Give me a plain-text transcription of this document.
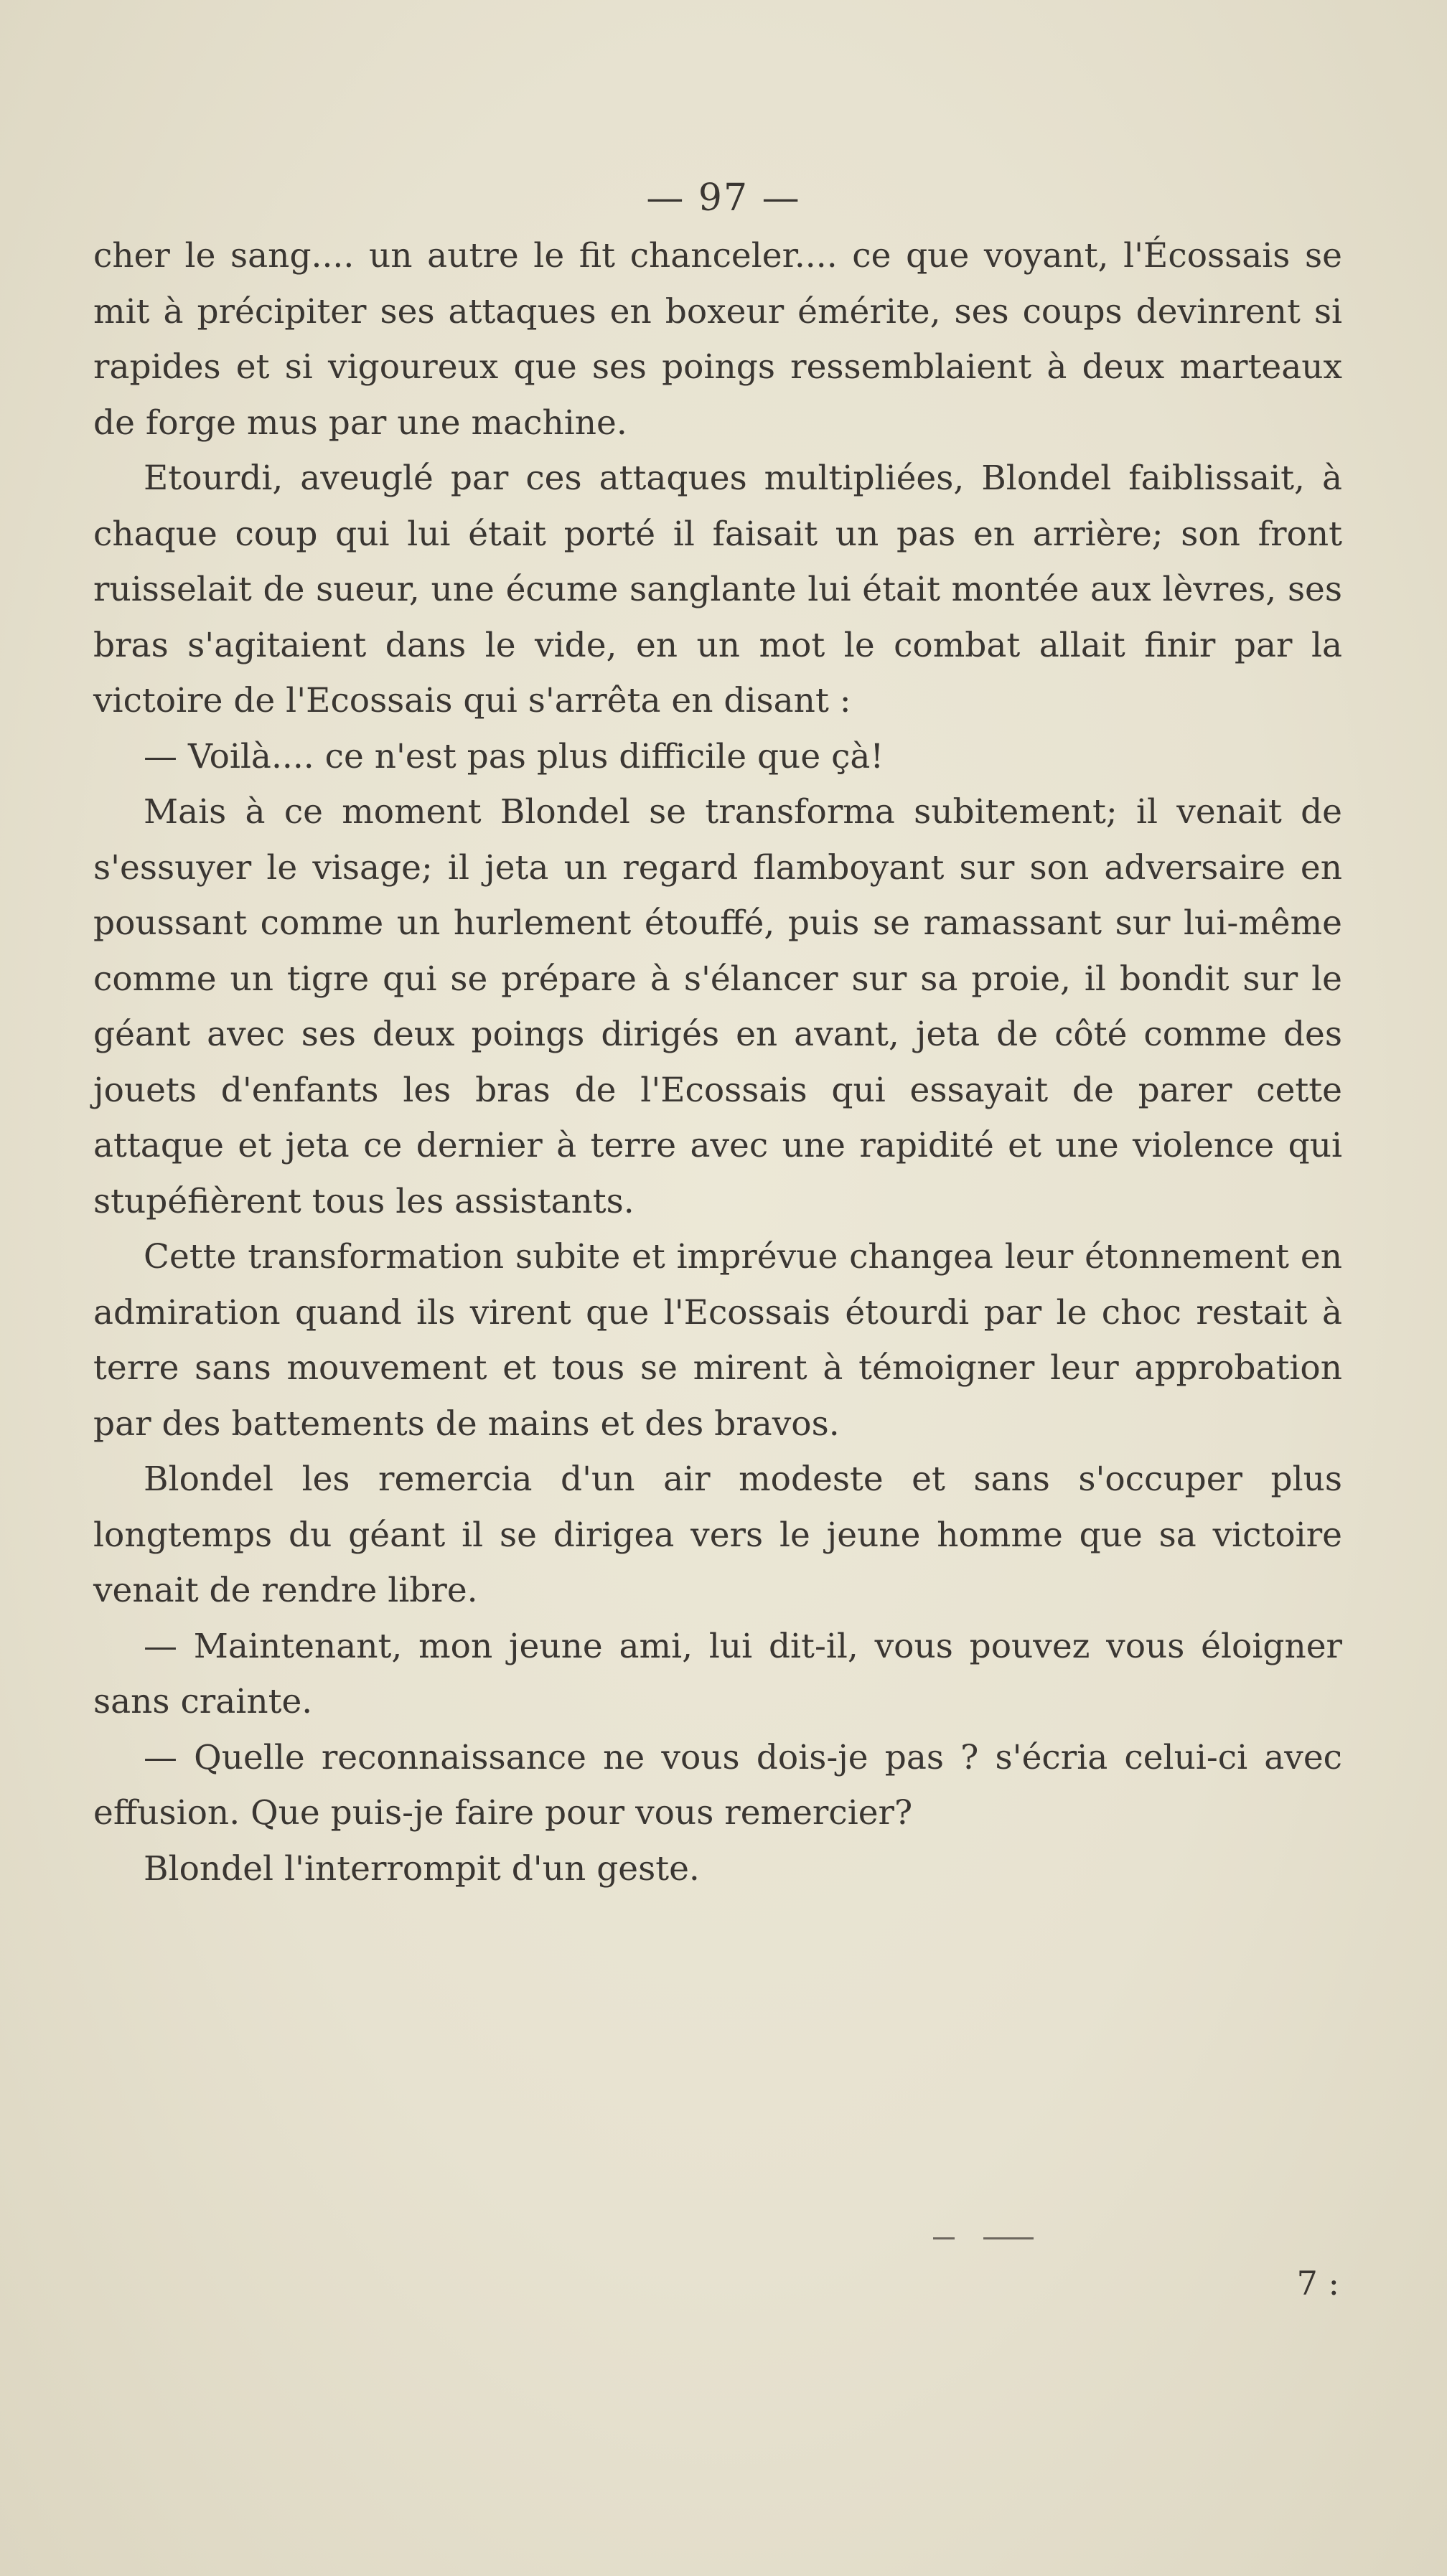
— 97 —

cher le sang.... un autre le fit chanceler.... ce que voyant, l'Écossais se mit à précipiter ses attaques en boxeur émérite, ses coups devinrent si rapides et si vigoureux que ses poings ressemblaient à deux marteaux de forge mus par une machine.

Etourdi, aveuglé par ces attaques multipliées, Blondel faiblissait, à chaque coup qui lui était porté il faisait un pas en arrière; son front ruisselait de sueur, une écume sanglante lui était montée aux lèvres, ses bras s'agitaient dans le vide, en un mot le combat allait finir par la victoire de l'Ecossais qui s'arrêta en disant :

— Voilà.... ce n'est pas plus difficile que çà!

Mais à ce moment Blondel se transforma subitement; il venait de s'essuyer le visage; il jeta un regard flamboyant sur son adversaire en poussant comme un hurlement étouffé, puis se ramassant sur lui-même comme un tigre qui se prépare à s'élancer sur sa proie, il bondit sur le géant avec ses deux poings dirigés en avant, jeta de côté comme des jouets d'enfants les bras de l'Ecossais qui essayait de parer cette attaque et jeta ce dernier à terre avec une rapidité et une violence qui stupéfièrent tous les assistants.

Cette transformation subite et imprévue changea leur étonnement en admiration quand ils virent que l'Ecossais étourdi par le choc restait à terre sans mouvement et tous se mirent à témoigner leur approbation par des battements de mains et des bravos.

Blondel les remercia d'un air modeste et sans s'occuper plus longtemps du géant il se dirigea vers le jeune homme que sa victoire venait de rendre libre.

— Maintenant, mon jeune ami, lui dit-il, vous pouvez vous éloigner sans crainte.

— Quelle reconnaissance ne vous dois-je pas ? s'écria celui-ci avec effusion. Que puis-je faire pour vous remercier?

Blondel l'interrompit d'un geste.

7 :
